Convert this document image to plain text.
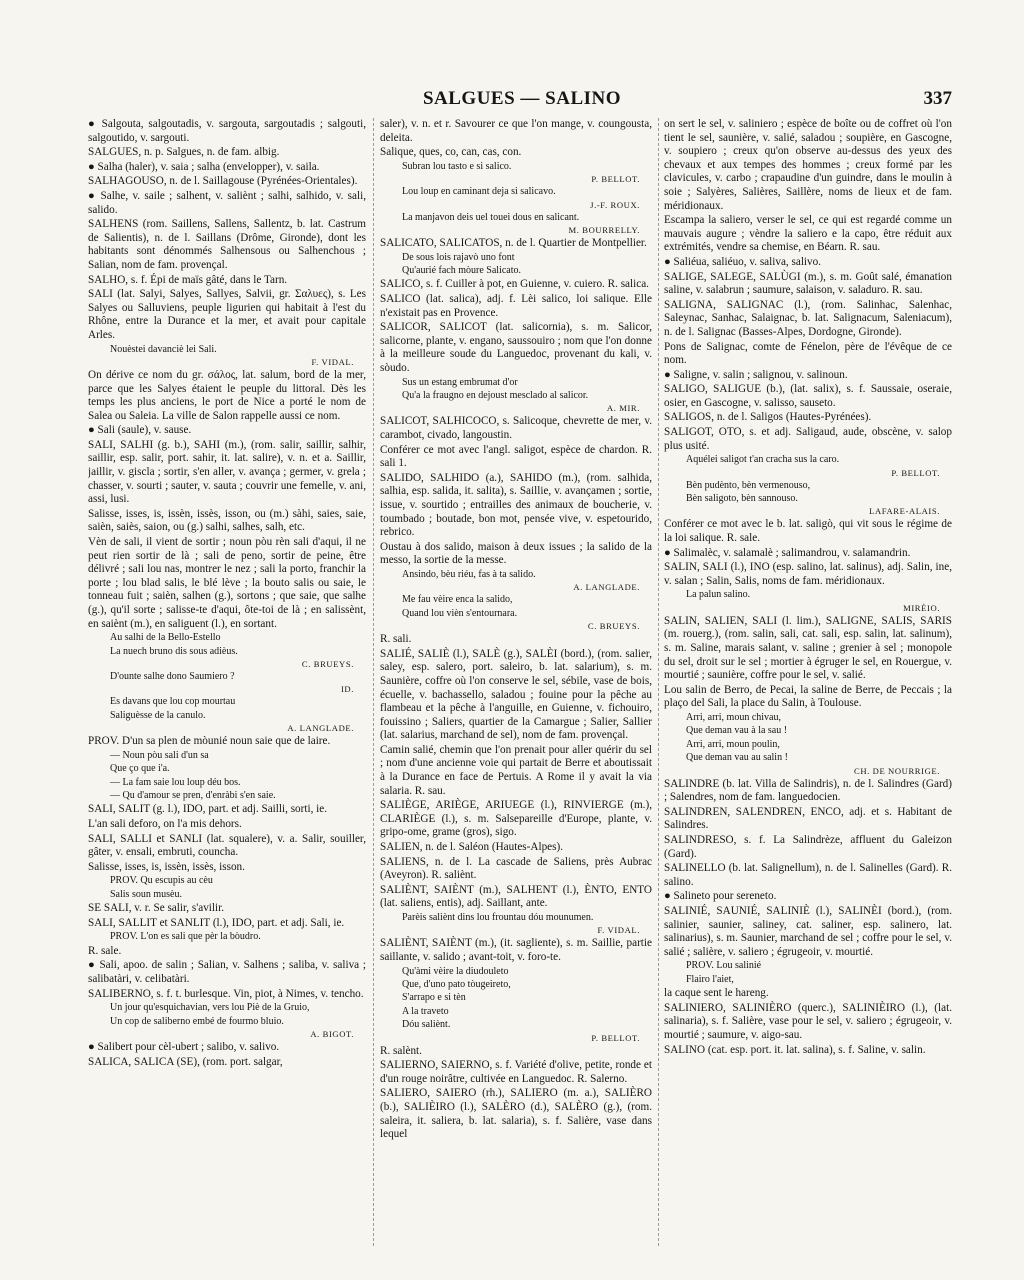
SALGUES — SALINO	337

● Salgouta, salgoutadis, v. sargouta, sargoutadis ; salgouti, salgoutido, v. sargouti.

SALGUES, n. p. Salgues, n. de fam. albig.

● Salha (haler), v. saia ; salha (envelopper), v. saila.

SALHAGOUSO, n. de l. Saillagouse (Pyrénées-Orientales).

● Salhe, v. saile ; salhent, v. saliènt ; salhi, salhido, v. sali, salido.

SALHENS (rom. Saillens, Sallens, Sallentz, b. lat. Castrum de Salientis), n. de l. Saillans (Drôme, Gironde), dont les habitants sont dénommés Salhensous ou Salhenchous ; Salian, nom de fam. provençal.

SALHO, s. f. Épi de maïs gâté, dans le Tarn.

SALI (lat. Salyi, Salyes, Sallyes, Salvii, gr. Σαλυες), s. Les Salyes ou Salluviens, peuple ligurien qui habitait à l'est du Rhône, entre la Durance et la mer, et avait pour capitale Arles.

Nouèstei davanciè lei Sali.

F. VIDAL.

On dérive ce nom du gr. σάλος, lat. salum, bord de la mer, parce que les Salyes étaient le peuple du littoral. Dès les temps les plus anciens, le port de Nice a porté le nom de Salea ou Saleia. La ville de Salon rappelle aussi ce nom.

● Sali (saule), v. sause.

SALI, SALHI (g. b.), SAHI (m.), (rom. salir, saillir, salhir, saillir, esp. salir, port. sahir, it. lat. salire), v. n. et a. Saillir, jaillir, v. giscla ; sortir, s'en aller, v. avança ; germer, v. grela ; chasser, v. sourti ; sauter, v. sauta ; couvrir une femelle, v. ani, assi, lusi.

Salisse, isses, is, issèn, issès, isson, ou (m.) sàhi, saies, saie, saièn, saiès, saion, ou (g.) salhi, salhes, salh, etc.

Vèn de sali, il vient de sortir ; noun pòu rèn sali d'aqui, il ne peut rien sortir de là ; sali de peno, sortir de peine, être délivré ; sali lou nas, montrer le nez ; sali la porto, franchir la porte ; lou blad salis, le blé lève ; la bouto salis ou saie, le tonneau fuit ; saièn, salhen (g.), sortons ; que saie, que salhe (g.), qu'il sorte ; salisse-te d'aqui, ôte-toi de là ; en salissènt, en saiènt (m.), en saliguent (l.), en sortant.

Au salhi de la Bello-Estello

La nuech bruno dis sous adièus.

C. BRUEYS.

D'ounte salhe dono Saumiero ?

ID.

Es davans que lou cop mourtau

Saliguèsse de la canulo.

A. LANGLADE.

PROV. D'un sa plen de mòunié noun saie que de laire.

— Noun pòu sali d'un sa

Que ço que i'a.

— La fam saie lou loup déu bos.

— Qu d'amour se pren, d'enràbi s'en saie.

SALI, SALIT (g. l.), IDO, part. et adj. Sailli, sorti, ie.

L'an sali deforo, on l'a mis dehors.

SALI, SALLI et SANLI (lat. squalere), v. a. Salir, souiller, gâter, v. ensali, embruti, councha.

Salisse, isses, is, issèn, issès, isson.

PROV. Qu escupis au cèu

Salis soun musèu.

SE SALI, v. r. Se salir, s'avilir.

SALI, SALLIT et SANLIT (l.), IDO, part. et adj. Sali, ie.

PROV. L'on es sali que pèr la bòudro.

R. sale.

● Sali, apoo. de salin ; Salian, v. Salhens ; saliba, v. saliva ; salibatàri, v. celibatàri.

SALIBERNO, s. f. t. burlesque. Vin, piot, à Nimes, v. tencho.

Un jour qu'esquichavian, vers lou Piè de la Gruio,

Un cop de saliberno embé de fourmo bluio.

A. BIGOT.

● Salibert pour cèl-ubert ; salibo, v. salivo.

SALICA, SALICA (SE), (rom. port. salgar,

saler), v. n. et r. Savourer ce que l'on mange, v. coungousta, deleita.

Salique, ques, co, can, cas, con.

Subran lou tasto e si salico.

P. BELLOT.

Lou loup en caminant deja si salicavo.

J.-F. ROUX.

La manjavon deis uel touei dous en salicant.

M. BOURRELLY.

SALICATO, SALICATOS, n. de l. Quartier de Montpellier.

De sous lois rajavò uno font

Qu'aurié fach mòure Salicato.

SALICO, s. f. Cuiller à pot, en Guienne, v. cuiero. R. salica.

SALICO (lat. salica), adj. f. Lèi salico, loi salique. Elle n'existait pas en Provence.

SALICOR, SALICOT (lat. salicornia), s. m. Salicor, salicorne, plante, v. engano, saussouiro ; nom que l'on donne à la meilleure soude du Languedoc, provenant du kali, v. sòudo.

Sus un estang embrumat d'or

Qu'a la fraugno en dejoust mesclado al salicor.

A. MIR.

SALICOT, SALHICOCO, s. Salicoque, chevrette de mer, v. carambot, civado, langoustin.

Conférer ce mot avec l'angl. saligot, espèce de chardon. R. sali 1.

SALIDO, SALHIDO (a.), SAHIDO (m.), (rom. salhida, salhia, esp. salida, it. salita), s. Saillie, v. avançamen ; sortie, issue, v. sourtido ; entrailles des animaux de boucherie, v. toumbado ; boutade, bon mot, pensée vive, v. espetourido, rebrico.

Oustau à dos salido, maison à deux issues ; la salido de la messo, la sortie de la messe.

Ansindo, bèu riéu, fas à ta salido.

A. LANGLADE.

Me fau vèire enca la salido,

Quand lou vièn s'entournara.

C. BRUEYS.

R. sali.

SALIÉ, SALIÈ (l.), SALÈ (g.), SALÈI (bord.), (rom. salier, saley, esp. salero, port. saleiro, b. lat. salarium), s. m. Saunière, coffre où l'on conserve le sel, sébile, vase de bois, écuelle, v. bachassello, saladou ; fouine pour la pêche au flambeau et la pêche à l'anguille, en Guienne, v. fichouiro, fouissino ; Saliers, quartier de la Camargue ; Salier, Sallier (lat. salarius, marchand de sel), nom de fam. provençal.

Camin salié, chemin que l'on prenait pour aller quérir du sel ; nom d'une ancienne voie qui partait de Berre et aboutissait à la Durance en face de Pertuis. A Rome il y avait la via salaria. R. sau.

SALIÈGE, ARIÈGE, ARIUEGE (l.), RINVIERGE (m.), CLARIÈGE (l.), s. m. Salsepareille d'Europe, plante, v. gripo-ome, grame (gros), sigo.

SALIEN, n. de l. Saléon (Hautes-Alpes).

SALIENS, n. de l. La cascade de Saliens, près Aubrac (Aveyron). R. saliènt.

SALIÈNT, SAIÈNT (m.), SALHENT (l.), ÈNTO, ENTO (lat. saliens, entis), adj. Saillant, ante.

Parèis saliènt dins lou frountau dóu mounumen.

F. VIDAL.

SALIÈNT, SAIÈNT (m.), (it. sagliente), s. m. Saillie, partie saillante, v. salido ; avant-toit, v. foro-te.

Qu'àmi vèire la diudouleto

Que, d'uno pato tòugeireto,

S'arrapo e si tèn

A la traveto

Dóu saliènt.

P. BELLOT.

R. salènt.

SALIERNO, SAIERNO, s. f. Variété d'olive, petite, ronde et d'un rouge noirâtre, cultivée en Languedoc. R. Salerno.

SALIERO, SAIERO (rh.), SALIERO (m. a.), SALIÈRO (b.), SALIÈIRO (l.), SALÈRO (d.), SALÈRO (g.), (rom. saleira, it. saliera, b. lat. salaria), s. f. Salière, vase dans lequel

on sert le sel, v. saliniero ; espèce de boîte ou de coffret où l'on tient le sel, saunière, v. salié, saladou ; soupière, en Gascogne, v. soupiero ; creux qu'on observe au-dessus des yeux des chevaux et aux tempes des hommes ; creux formé par les clavicules, v. carbo ; crapaudine d'un guindre, dans le moulin à soie ; Salyères, Salières, Saillère, noms de lieux et de fam. méridionaux.

Escampa la saliero, verser le sel, ce qui est regardé comme un mauvais augure ; vèndre la saliero e la capo, être réduit aux extrémités, vendre sa chemise, en Béarn. R. sau.

● Saliéua, saliéuo, v. saliva, salivo.

SALIGE, SALEGE, SALÙGI (m.), s. m. Goût salé, émanation saline, v. salabrun ; saumure, salaison, v. saladuro. R. sau.

SALIGNA, SALIGNAC (l.), (rom. Salinhac, Salenhac, Saleynac, Sanhac, Salaignac, b. lat. Salignacum, Saleniacum), n. de l. Salignac (Basses-Alpes, Dordogne, Gironde).

Pons de Salignac, comte de Fénelon, père de l'évêque de ce nom.

● Saligne, v. salin ; salignou, v. salinoun.

SALIGO, SALIGUE (b.), (lat. salix), s. f. Saussaie, oseraie, osier, en Gascogne, v. salisso, sauseto.

SALIGOS, n. de l. Saligos (Hautes-Pyrénées).

SALIGOT, OTO, s. et adj. Saligaud, aude, obscène, v. salop plus usité.

Aquélei saligot t'an cracha sus la caro.

P. BELLOT.

Bèn pudènto, bèn vermenouso,

Bèn saligoto, bèn sannouso.

LAFARE-ALAIS.

Conférer ce mot avec le b. lat. saligò, qui vit sous le régime de la loi salique. R. sale.

● Salimalèc, v. salamalè ; salimandrou, v. salamandrin.

SALIN, SALI (l.), INO (esp. salino, lat. salinus), adj. Salin, ine, v. salan ; Salin, Salis, noms de fam. méridionaux.

La palun salino.

MIRÈIO.

SALIN, SALIEN, SALI (l. lim.), SALIGNE, SALIS, SARIS (m. rouerg.), (rom. salin, sali, cat. sali, esp. salin, lat. salinum), s. m. Saline, marais salant, v. saline ; grenier à sel ; monopole du sel, droit sur le sel ; mortier à égruger le sel, en Rouergue, v. mourtié ; saunière, coffre pour le sel, v. salié.

Lou salin de Berro, de Pecai, la saline de Berre, de Peccais ; la plaço del Sali, la place du Salin, à Toulouse.

Arri, arri, moun chivau,

Que deman vau à la sau !

Arri, arri, moun poulin,

Que deman vau au salin !

CH. DE NOURRIGE.

SALINDRE (b. lat. Villa de Salindris), n. de l. Salindres (Gard) ; Salendres, nom de fam. languedocien.

SALINDREN, SALENDREN, ENCO, adj. et s. Habitant de Salindres.

SALINDRESO, s. f. La Salindrèze, affluent du Galeizon (Gard).

SALINELLO (b. lat. Salignellum), n. de l. Salinelles (Gard). R. salino.

● Salineto pour sereneto.

SALINIÉ, SAUNIÉ, SALINIÈ (l.), SALINÈI (bord.), (rom. salinier, saunier, saliney, cat. saliner, esp. salinero, lat. salinarius), s. m. Saunier, marchand de sel ; coffre pour le sel, v. salié ; salière, v. saliero ; égrugeoir, v. mourtié.

PROV. Lou salinié

Flairo l'aiet,

la caque sent le hareng.

SALINIERO, SALINIÈRO (querc.), SALINIÈIRO (l.), (lat. salinaria), s. f. Salière, vase pour le sel, v. saliero ; égrugeoir, v. mourtié ; saumure, v. aigo-sau.

SALINO (cat. esp. port. it. lat. salina), s. f. Saline, v. salin.
